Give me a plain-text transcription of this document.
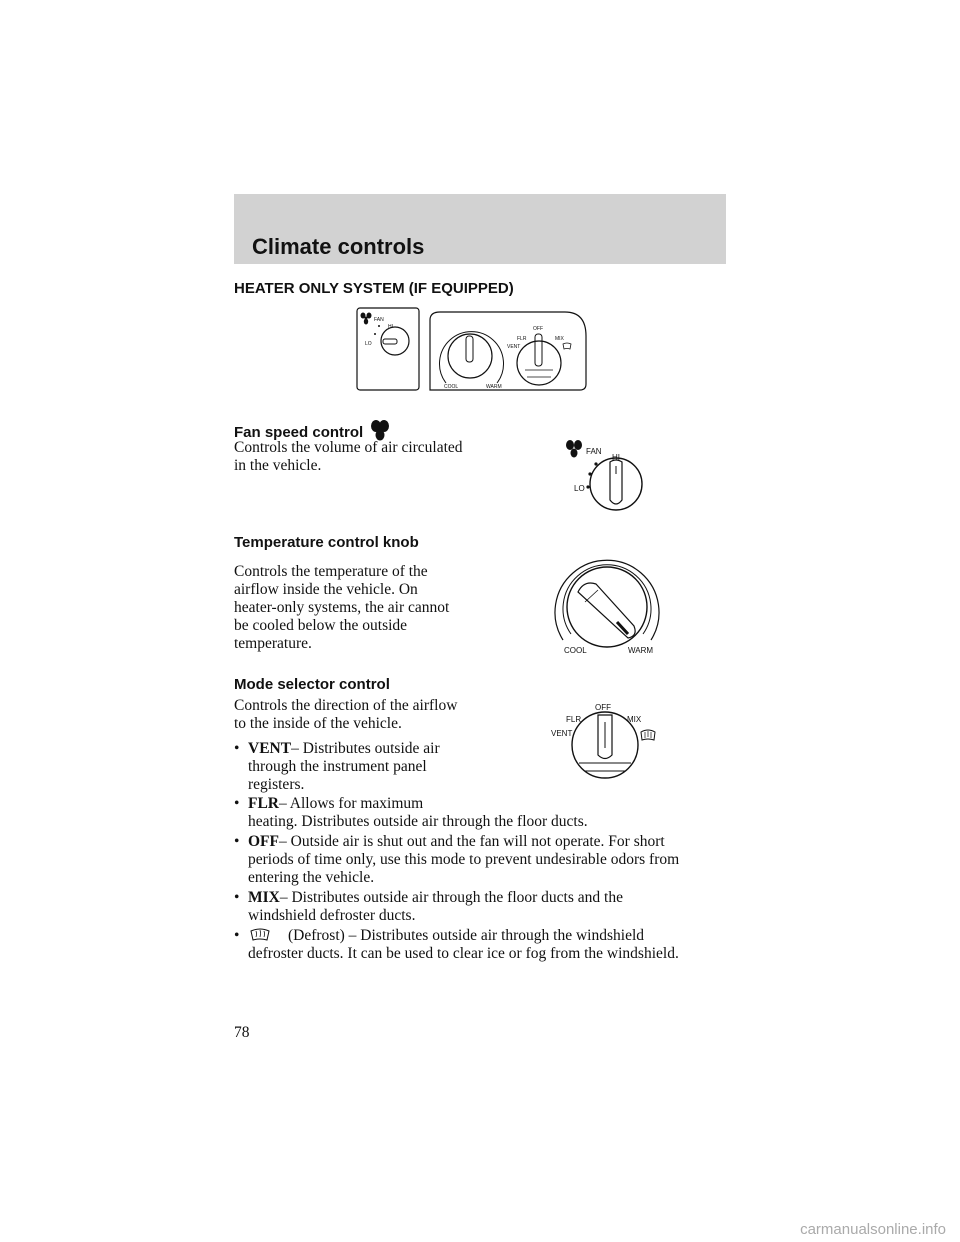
Climate controls
HEATER ONLY SYSTEM (IF EQUIPPED)
FAN
HI
LO
COOL	WARM
OFF
FLR	MIX
VENT
Fan speed control
Controls the volume of air circulated
in the vehicle.
FAN
HI
LO
Temperature control knob
Controls the temperature of the
airflow inside the vehicle. On
heater-only systems, the air cannot
be cooled below the outside
temperature.	COOL	WARM
Mode selector control
Controls the direction of the airflow
to the inside of the vehicle.
OFF
FLR	MIX
VENT
• VENT– Distributes outside air
through the instrument panel
registers.
• FLR– Allows for maximum
heating. Distributes outside air through the floor ducts.
• OFF– Outside air is shut out and the fan will not operate. For short
periods of time only, use this mode to prevent undesirable odors from
entering the vehicle.
• MIX– Distributes outside air through the floor ducts and the
windshield defroster ducts.
•	(Defrost) – Distributes outside air through the windshield
defroster ducts. It can be used to clear ice or fog from the windshield.
78
carmanualsonline.info
